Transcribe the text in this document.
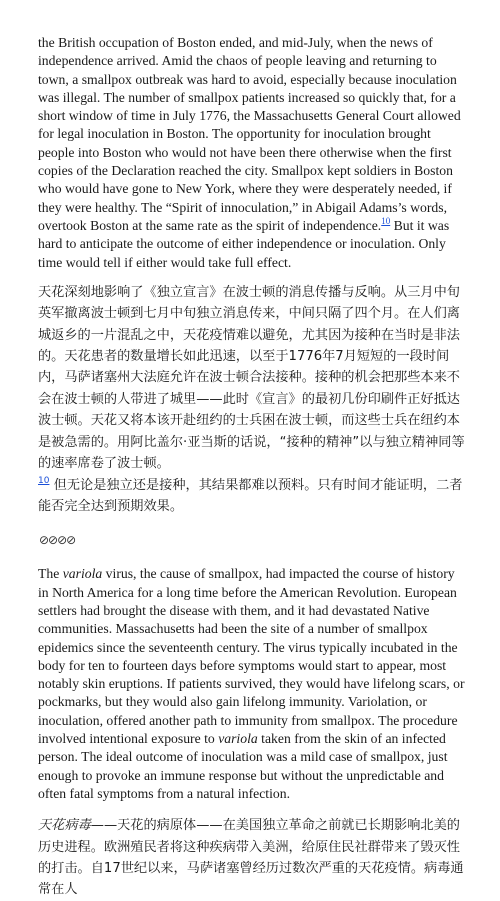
the British occupation of Boston ended, and mid-July, when the news of independence arrived. Amid the chaos of people leaving and returning to town, a smallpox outbreak was hard to avoid, especially because inoculation was illegal. The number of smallpox patients increased so quickly that, for a short window of time in July 1776, the Massachusetts General Court allowed for legal inoculation in Boston. The opportunity for inoculation brought people into Boston who would not have been there otherwise when the first copies of the Declaration reached the city. Smallpox kept soldiers in Boston who would have gone to New York, where they were desperately needed, if they were healthy. The “Spirit of innoculation,” in Abigail Adams’s words, overtook Boston at the same rate as the spirit of independence.$^{10}$ But it was hard to anticipate the outcome of either independence or inoculation. Only time would tell if either would take full effect.

天花深刻地影响了《独立宣言》在波士顿的消息传播与反响。从三月中旬英军撤离波士顿到七月中旬独立消息传来，中间只隔了四个月。在人们离城返乡的一片混乱之中，天花疫情难以避免，尤其因为接种在当时是非法的。天花患者的数量增长如此迅速，以至于1776年7月短短的一段时间内，马萨诸塞州大法庭允许在波士顿合法接种。接种的机会把那些本来不会在波士顿的人带进了城里——此时《宣言》的最初几份印刷件正好抵达波士顿。天花又将本该开赴纽约的士兵困在波士顿，而这些士兵在纽约本是被急需的。用阿比盖尔·亚当斯的话说，“接种的精神”以与独立精神同等的速率席卷了波士顿。
$^{10}$ 但无论是独立还是接种，其结果都难以预料。只有时间才能证明，二者能否完全达到预期效果。

⊘⊘⊘⊘

The variola virus, the cause of smallpox, had impacted the course of history in North America for a long time before the American Revolution. European settlers had brought the disease with them, and it had devastated Native communities. Massachusetts had been the site of a number of smallpox epidemics since the seventeenth century. The virus typically incubated in the body for ten to fourteen days before symptoms would start to appear, most notably skin eruptions. If patients survived, they would have lifelong scars, or pockmarks, but they would also gain lifelong immunity. Variolation, or inoculation, offered another path to immunity from smallpox. The procedure involved intentional exposure to variola taken from the skin of an infected person. The ideal outcome of inoculation was a mild case of smallpox, just enough to provoke an immune response but without the unpredictable and often fatal symptoms from a natural infection.

天花病毒——天花的病原体——在美国独立革命之前就已长期影响北美的历史进程。欧洲殖民者将这种疾病带入美洲，给原住民社群带来了毁灭性的打击。自17世纪以来，马萨诸塞曾经历过数次严重的天花疫情。病毒通常在人
